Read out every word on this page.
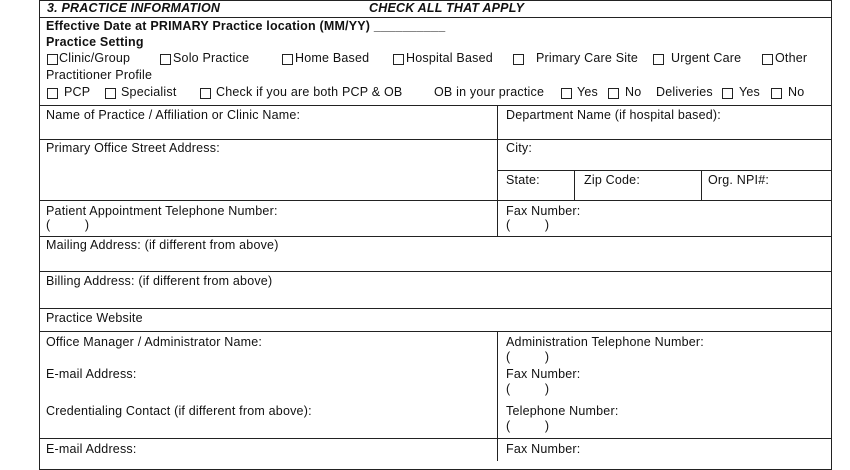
3. PRACTICE INFORMATION	CHECK ALL THAT APPLY
Effective Date at PRIMARY Practice location (MM/YY) __________
Practice Setting
Clinic/Group	Solo Practice	Home Based	Hospital Based	Primary Care Site	Urgent Care	Other
Practitioner Profile
PCP Specialist	Check if you are both PCP & OB	OB in your practice	Yes No Deliveries Yes No
Name of Practice / Affiliation or Clinic Name:	Department Name (if hospital based):
Primary Office Street Address:	City:
State:	Zip Code:	Org. NPI#:
Patient Appointment Telephone Number:
(          )
Fax Number:
(          )
Mailing Address: (if different from above)
Billing Address: (if different from above)
Practice Website
Office Manager / Administrator Name:	Administration Telephone Number:
(          )
E-mail Address:	Fax Number:
(          )
Credentialing Contact (if different from above):	Telephone Number:
(          )
E-mail Address:	Fax Number:
